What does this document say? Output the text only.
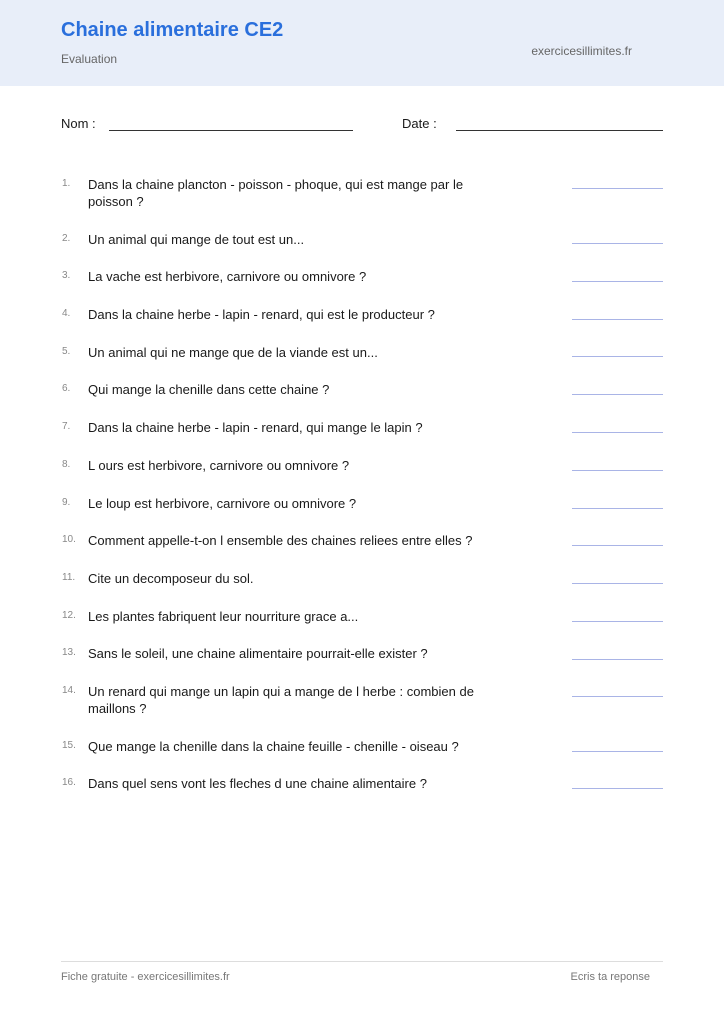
Chaine alimentaire CE2
Evaluation
exercicesillimites.fr
Nom :	Date :
1.	Dans la chaine plancton - poisson - phoque, qui est mange par le poisson ?
2.	Un animal qui mange de tout est un...
3.	La vache est herbivore, carnivore ou omnivore ?
4.	Dans la chaine herbe - lapin - renard, qui est le producteur ?
5.	Un animal qui ne mange que de la viande est un...
6.	Qui mange la chenille dans cette chaine ?
7.	Dans la chaine herbe - lapin - renard, qui mange le lapin ?
8.	L ours est herbivore, carnivore ou omnivore ?
9.	Le loup est herbivore, carnivore ou omnivore ?
10. Comment appelle-t-on l ensemble des chaines reliees entre elles ?
11. Cite un decomposeur du sol.
12. Les plantes fabriquent leur nourriture grace a...
13. Sans le soleil, une chaine alimentaire pourrait-elle exister ?
14. Un renard qui mange un lapin qui a mange de l herbe : combien de maillons ?
15. Que mange la chenille dans la chaine feuille - chenille - oiseau ?
16. Dans quel sens vont les fleches d une chaine alimentaire ?
Fiche gratuite - exercicesillimites.fr	Ecris ta reponse
